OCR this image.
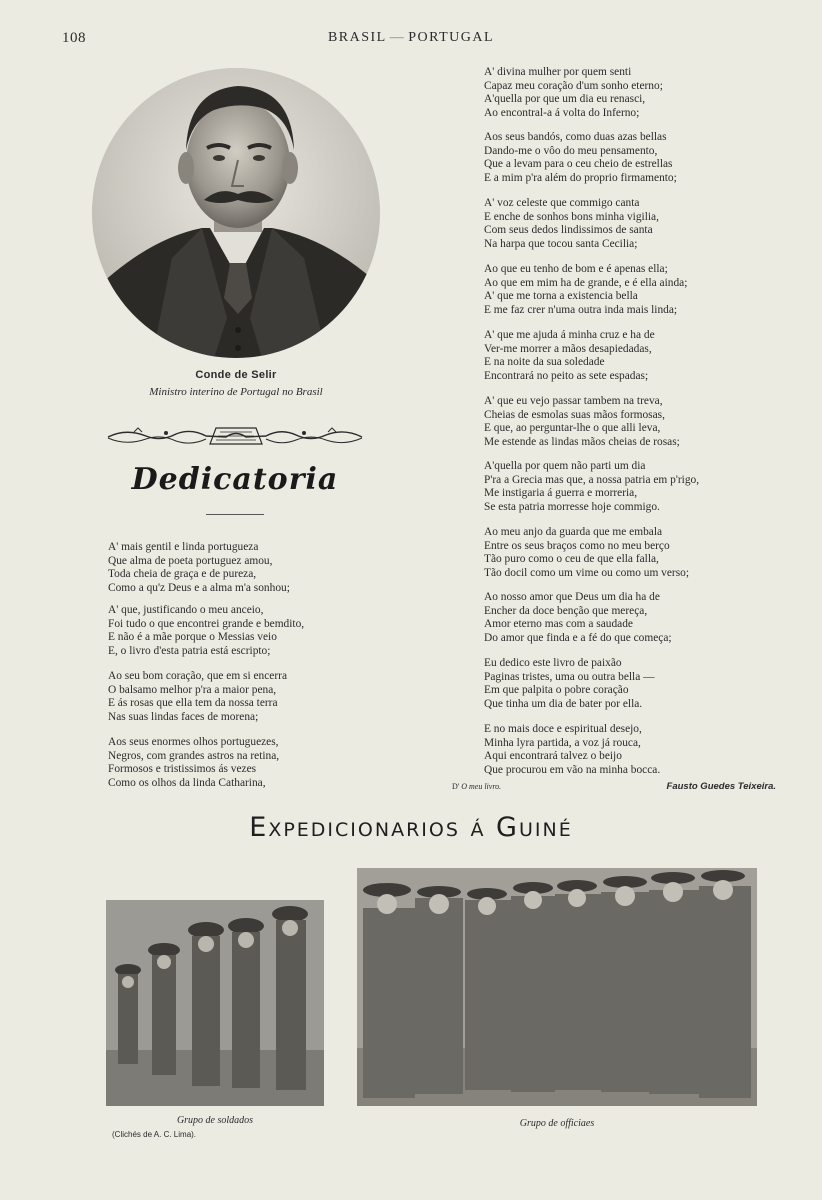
108	BRASIL — PORTUGAL
Conde de Selir
Ministro interino de Portugal no Brasil
Dedicatoria
A' mais gentil e linda portugueza
Que alma de poeta portuguez amou,
Toda cheia de graça e de pureza,
Como a qu'z Deus e a alma m'a sonhou;
A' que, justificando o meu anceio,
Foi tudo o que encontrei grande e bemdito,
E não é a mãe porque o Messias veio
E, o livro d'esta patria está escripto;
Ao seu bom coração, que em si encerra
O balsamo melhor p'ra a maior pena,
E ás rosas que ella tem da nossa terra
Nas suas lindas faces de morena;
Aos seus enormes olhos portuguezes,
Negros, com grandes astros na retina,
Formosos e tristissimos ás vezes
Como os olhos da linda Catharina,
A' divina mulher por quem senti
Capaz meu coração d'um sonho eterno;
A'quella por que um dia eu renasci,
Ao encontral-a á volta do Inferno;
Aos seus bandós, como duas azas bellas
Dando-me o vôo do meu pensamento,
Que a levam para o ceu cheio de estrellas
E a mim p'ra além do proprio firmamento;
A' voz celeste que commigo canta
E enche de sonhos bons minha vigilia,
Com seus dedos lindissimos de santa
Na harpa que tocou santa Cecilia;
Ao que eu tenho de bom e é apenas ella;
Ao que em mim ha de grande, e é ella ainda;
A' que me torna a existencia bella
E me faz crer n'uma outra inda mais linda;
A' que me ajuda á minha cruz e ha de
Ver-me morrer a mãos desapiedadas,
E na noite da sua soledade
Encontrará no peito as sete espadas;
A' que eu vejo passar tambem na treva,
Cheias de esmolas suas mãos formosas,
E que, ao perguntar-lhe o que alli leva,
Me estende as lindas mãos cheias de rosas;
A'quella por quem não parti um dia
P'ra a Grecia mas que, a nossa patria em p'rigo,
Me instigaria á guerra e morreria,
Se esta patria morresse hoje commigo.
Ao meu anjo da guarda que me embala
Entre os seus braços como no meu berço
Tão puro como o ceu de que ella falla,
Tão docil como um vime ou como um verso;
Ao nosso amor que Deus um dia ha de
Encher da doce benção que mereça,
Amor eterno mas com a saudade
Do amor que finda e a fé do que começa;
Eu dedico este livro de paixão
Paginas tristes, uma ou outra bella —
Em que palpita o pobre coração
Que tinha um dia de bater por ella.
E no mais doce e espiritual desejo,
Minha lyra partida, a voz já rouca,
Aqui encontrará talvez o beijo
Que procurou em vão na minha bocca.
D' O meu livro.	Fausto Guedes Teixeira.
Expedicionarios á Guiné
Grupo de soldados
(Clichés de A. C. Lima).
Grupo de officiaes
